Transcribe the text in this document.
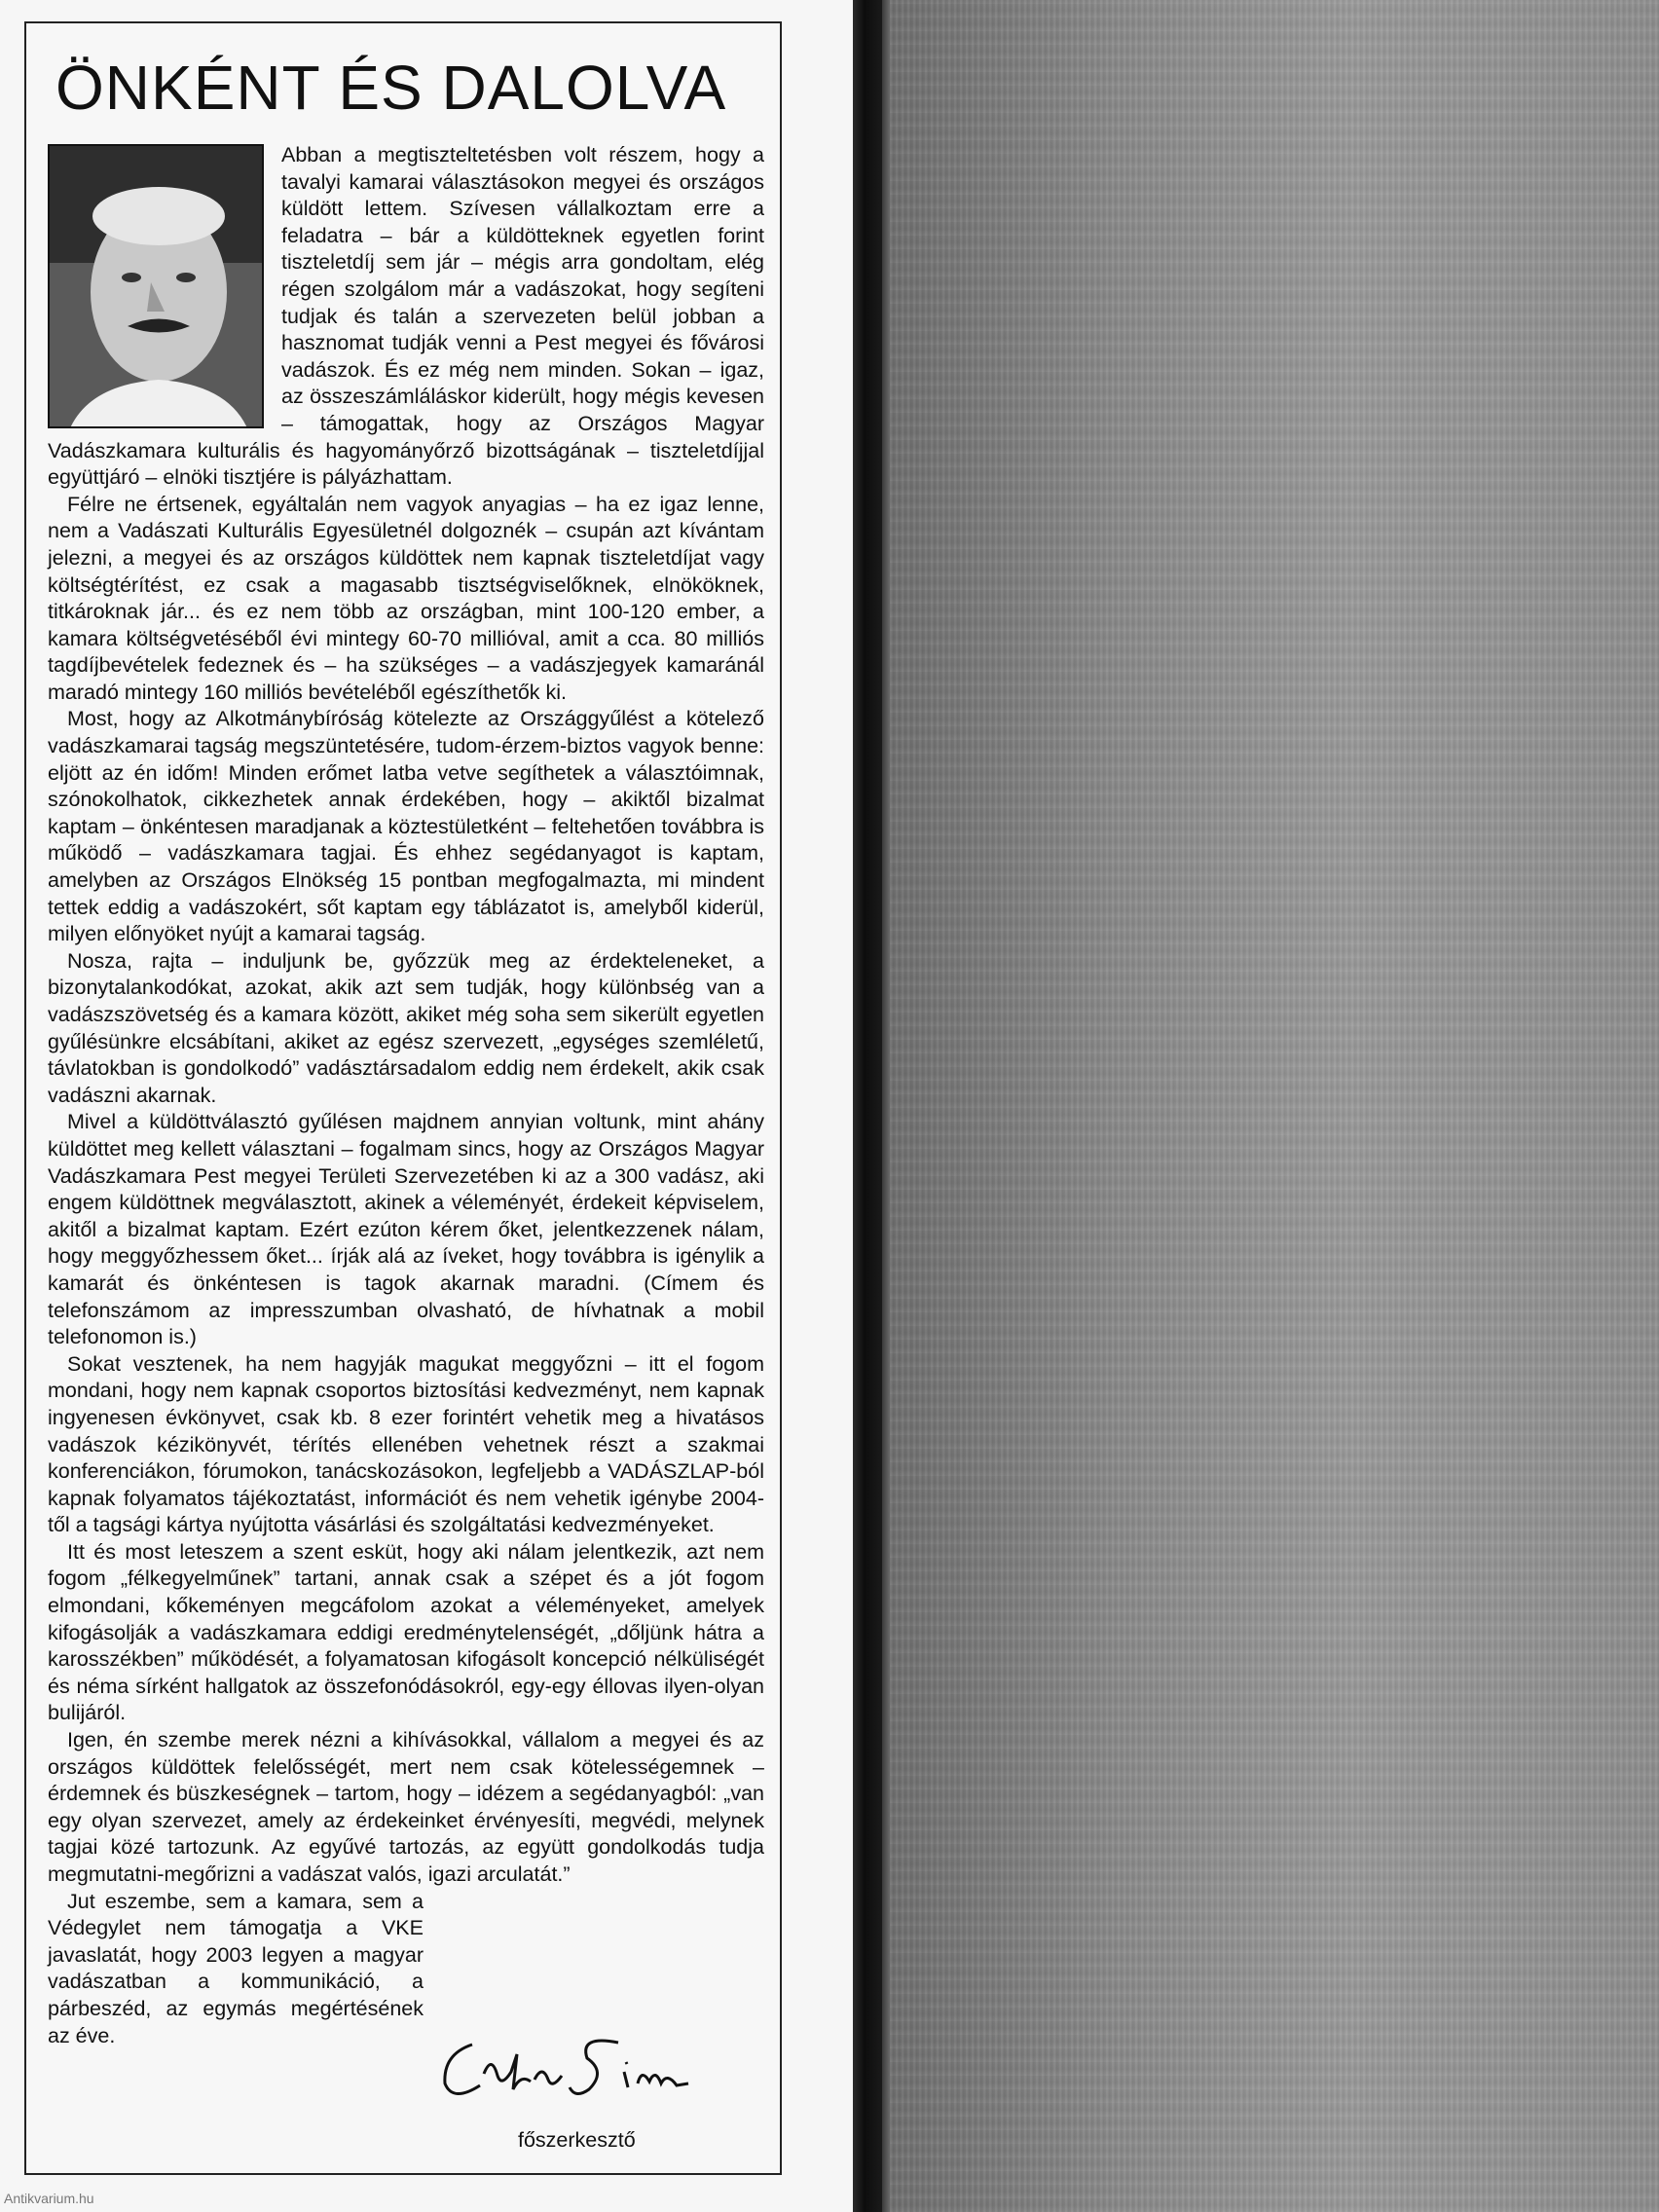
ÖNKÉNT ÉS DALOLVA

Abban a megtiszteltetésben volt részem, hogy a tavalyi kamarai választásokon megyei és országos küldött lettem. Szívesen vállalkoztam erre a feladatra – bár a küldötteknek egyetlen forint tiszteletdíj sem jár – mégis arra gondoltam, elég régen szolgálom már a vadászokat, hogy segíteni tudjak és talán a szervezeten belül jobban a hasznomat tudják venni a Pest megyei és fővárosi vadászok. És ez még nem minden. Sokan – igaz, az összeszámláláskor kiderült, hogy mégis kevesen – támogattak, hogy az Országos Magyar Vadászkamara kulturális és hagyományőrző bizottságának – tiszteletdíjjal együttjáró – elnöki tisztjére is pályázhattam.

Félre ne értsenek, egyáltalán nem vagyok anyagias – ha ez igaz lenne, nem a Vadászati Kulturális Egyesületnél dolgoznék – csupán azt kívántam jelezni, a megyei és az országos küldöttek nem kapnak tiszteletdíjat vagy költségtérítést, ez csak a magasabb tisztségviselőknek, elnököknek, titkároknak jár... és ez nem több az országban, mint 100-120 ember, a kamara költségvetéséből évi mintegy 60-70 millióval, amit a cca. 80 milliós tagdíjbevételek fedeznek és – ha szükséges – a vadászjegyek kamaránál maradó mintegy 160 milliós bevételéből egészíthetők ki.

Most, hogy az Alkotmánybíróság kötelezte az Országgyűlést a kötelező vadászkamarai tagság megszüntetésére, tudom-érzem-biztos vagyok benne: eljött az én időm! Minden erőmet latba vetve segíthetek a választóimnak, szónokolhatok, cikkezhetek annak érdekében, hogy – akiktől bizalmat kaptam – önkéntesen maradjanak a köztestületként – feltehetően továbbra is működő – vadászkamara tagjai. És ehhez segédanyagot is kaptam, amelyben az Országos Elnökség 15 pontban megfogalmazta, mi mindent tettek eddig a vadászokért, sőt kaptam egy táblázatot is, amelyből kiderül, milyen előnyöket nyújt a kamarai tagság.

Nosza, rajta – induljunk be, győzzük meg az érdekteleneket, a bizonytalankodókat, azokat, akik azt sem tudják, hogy különbség van a vadászszövetség és a kamara között, akiket még soha sem sikerült egyetlen gyűlésünkre elcsábítani, akiket az egész szervezett, „egységes szemléletű, távlatokban is gondolkodó” vadásztársadalom eddig nem érdekelt, akik csak vadászni akarnak.

Mivel a küldöttválasztó gyűlésen majdnem annyian voltunk, mint ahány küldöttet meg kellett választani – fogalmam sincs, hogy az Országos Magyar Vadászkamara Pest megyei Területi Szervezetében ki az a 300 vadász, aki engem küldöttnek megválasztott, akinek a véleményét, érdekeit képviselem, akitől a bizalmat kaptam. Ezért ezúton kérem őket, jelentkezzenek nálam, hogy meggyőzhessem őket... írják alá az íveket, hogy továbbra is igénylik a kamarát és önkéntesen is tagok akarnak maradni. (Címem és telefonszámom az impresszumban olvasható, de hívhatnak a mobil telefonomon is.)

Sokat vesztenek, ha nem hagyják magukat meggyőzni – itt el fogom mondani, hogy nem kapnak csoportos biztosítási kedvezményt, nem kapnak ingyenesen évkönyvet, csak kb. 8 ezer forintért vehetik meg a hivatásos vadászok kézikönyvét, térítés ellenében vehetnek részt a szakmai konferenciákon, fórumokon, tanácskozásokon, legfeljebb a VADÁSZLAP-ból kapnak folyamatos tájékoztatást, információt és nem vehetik igénybe 2004-től a tagsági kártya nyújtotta vásárlási és szolgáltatási kedvezményeket.

Itt és most leteszem a szent esküt, hogy aki nálam jelentkezik, azt nem fogom „félkegyelműnek” tartani, annak csak a szépet és a jót fogom elmondani, kőkeményen megcáfolom azokat a véleményeket, amelyek kifogásolják a vadászkamara eddigi eredménytelenségét, „dőljünk hátra a karosszékben” működését, a folyamatosan kifogásolt koncepció nélküliségét és néma sírként hallgatok az összefonódásokról, egy-egy éllovas ilyen-olyan bulijáról.

Igen, én szembe merek nézni a kihívásokkal, vállalom a megyei és az országos küldöttek felelősségét, mert nem csak kötelességemnek – érdemnek és büszkeségnek – tartom, hogy – idézem a segédanyagból: „van egy olyan szervezet, amely az érdekeinket érvényesíti, megvédi, melynek tagjai közé tartozunk. Az egyűvé tartozás, az együtt gondolkodás tudja megmutatni-megőrizni a vadászat valós, igazi arculatát.”

Jut eszembe, sem a kamara, sem a Védegylet nem támogatja a VKE javaslatát, hogy 2003 legyen a magyar vadászatban a kommunikáció, a párbeszéd, az egymás megértésének az éve.

főszerkesztő
Antikvarium.hu
